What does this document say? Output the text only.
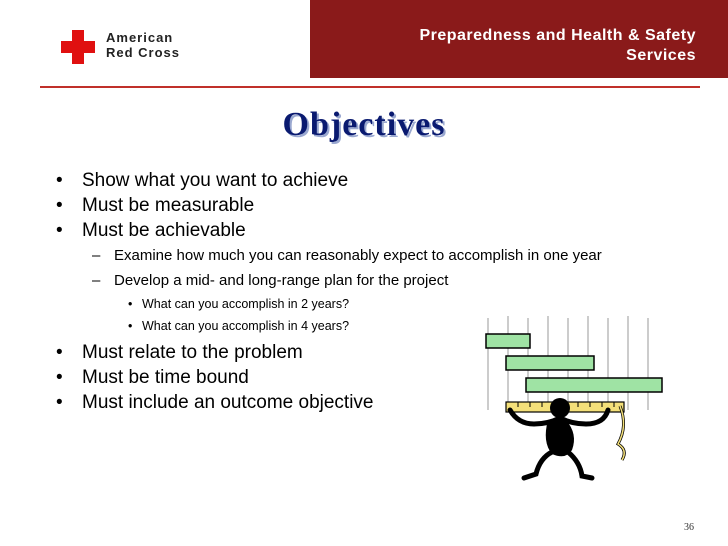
American
Red Cross
Preparedness and Health & Safety
Services
Objectives
• Show what you want to achieve
• Must be measurable
• Must be achievable
– Examine how much you can reasonably expect to accomplish in one year
– Develop a mid- and long-range plan for the project
• What can you accomplish in 2 years?
• What can you accomplish in 4 years?
• Must relate to the problem
• Must be time bound
• Must include an outcome objective
36
